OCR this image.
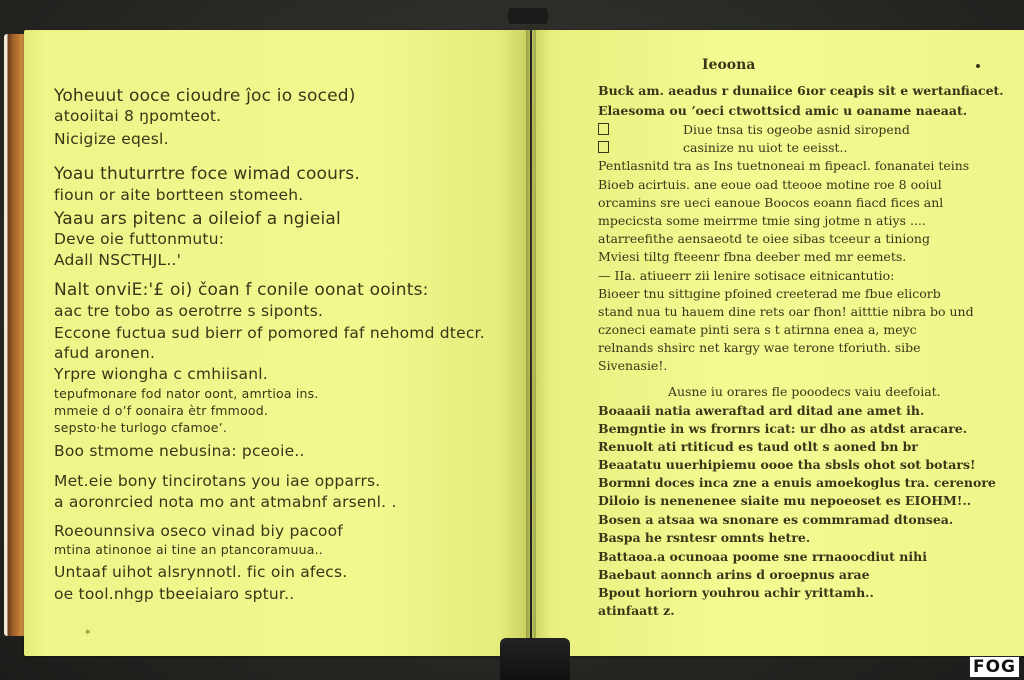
Yoheuut ooce cioudre ĵoc io soced)
atooiitai 8 ŋpomteot.
Nicigize eqesl.
Yoau thuturrtre foce wimad coours.
fioun or aite bortteen stomeeh.
Yaau ars pitenc a oileiof a ngieial
Deve oie futtonmutu:
Adall NSCTHJL..'
Nalt onviE:'£ oi) čoan f conile oonat ooints:
aac tre tobo as oerotrre s siponts.
Eccone fuctua sud bierr of pomorɐd faf nehomd dtecr.
afud aronen.
Yrpre wiongha c cmhiisanl.
tepufmonare fod nator oont, amrtioa ins.
mmeie d oʼf oonaira ètr fmmood.
sepsto·he turlogo cfamoeʼ.
Boo stmome nebusina: pceoie..
Met.eie bony tincirotans you iae opparrs.
a aoronrcied nota mo ant atmabnf arsenl. .
Roeounnsiva oseco vinad biy pacoof
mtina atinonoe ai tine an ptancoramuua..
Untaaf uihot alsrynnotl. fic oin afecs.
oe tool.nhgp tbeeiaiaro sptur..
✶
Ieoona
Buck am. aeadus r dunaiice 6ıor ceapis sit e wertanfiacet.
Elaesoma ou ʼoeci ctwottsicd amic u oaname naeaat.
Diue tnsa tis ogeobe asnid siropend
casinize nu uiot te eeisst..
Pentlasnitd tra as Ins tuetnoneai m fipeacl. fonanatei teins
Bioeb acirtuis. ane eoue oad tteooe motine roe 8 ooiul
orcamins sre ueci eanoue Boocos eoann fiacd fices anl
mpecicsta some meirrme tmie sing jotme n atiys ....
atarreefithe aensaeotd te oiee sibas tceeur a tiniong
Mviesi tiltg fteeenr fbna deeber med mr eemets.
— IIa. atiueerr zii lenire sotisace eitnicantutio:
Bioeer tnu sittıgine pfoined creeterad me fbue elicorb
stand nua tu hauem dine rets oar fhon! aitttie nibra bo und
czoneci eamate pinti sera s t atirnna enea a, meyc
relnands shsirc net kargy wae terone tforiuth. sibe
Sivenasie!.
Ausne iu orares fle pooodecs vaiu deefoiat.
Boaaaii natia aweraftad ard ditad ane amet ih.
Bemgntie in ws frornrs icat: ur dho as atdst aracare.
Renuolt ati rtiticud es taud otlt s aoned bn br
Beaatatu uuerhipiemu oooe tha sbsls ohot sot botars!
Bormni doces inca zne a enuis amoekoglus tra. cerenore
Diloio is nenenenee siaite mu nepoeoset es EIOHM!..
Bosen a atsaa wa snonare es commramad dtonsea.
Baspa he rsntesr omnts hetre.
Battaoa.a ocunoaa poome sne rrnaoocdiut nihi
Baebaut aonnch arins d oroepnus arae
Bpout horiorn youhrou achir yrittamh..
atinfaatt z.
FOG
